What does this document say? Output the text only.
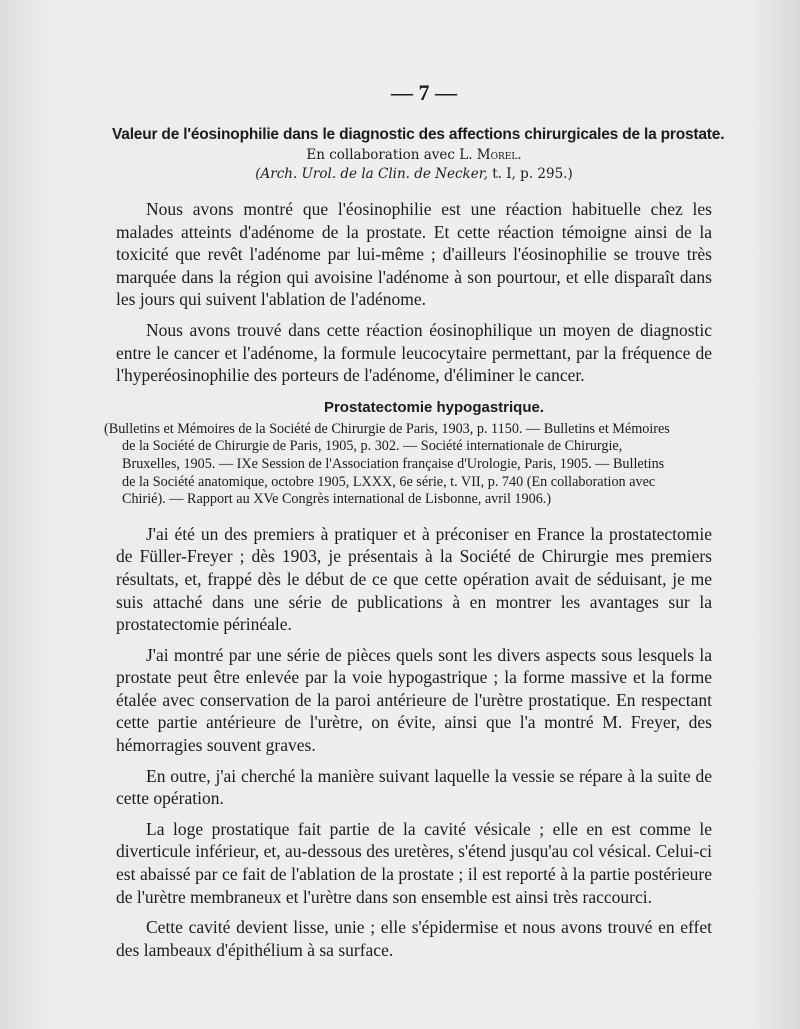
— 7 —
Valeur de l'éosinophilie dans le diagnostic des affections chirurgicales de la prostate.
En collaboration avec L. Morel.
(Arch. Urol. de la Clin. de Necker, t. I, p. 295.)

Nous avons montré que l'éosinophilie est une réaction habituelle chez les malades atteints d'adénome de la prostate. Et cette réaction témoigne ainsi de la toxicité que revêt l'adénome par lui-même ; d'ailleurs l'éosinophilie se trouve très marquée dans la région qui avoisine l'adénome à son pourtour, et elle disparaît dans les jours qui suivent l'ablation de l'adénome.

Nous avons trouvé dans cette réaction éosinophilique un moyen de diagnostic entre le cancer et l'adénome, la formule leucocytaire permettant, par la fréquence de l'hyperéosinophilie des porteurs de l'adénome, d'éliminer le cancer.

Prostatectomie hypogastrique.
(Bulletins et Mémoires de la Société de Chirurgie de Paris, 1903, p. 1150. — Bulletins et Mémoires
de la Société de Chirurgie de Paris, 1905, p. 302. — Société internationale de Chirurgie,
Bruxelles, 1905. — IXe Session de l'Association française d'Urologie, Paris, 1905. — Bulletins
de la Société anatomique, octobre 1905, LXXX, 6e série, t. VII, p. 740 (En collaboration avec
Chirié). — Rapport au XVe Congrès international de Lisbonne, avril 1906.)

J'ai été un des premiers à pratiquer et à préconiser en France la prostatectomie de Füller-Freyer ; dès 1903, je présentais à la Société de Chirurgie mes premiers résultats, et, frappé dès le début de ce que cette opération avait de séduisant, je me suis attaché dans une série de publications à en montrer les avantages sur la prostatectomie périnéale.

J'ai montré par une série de pièces quels sont les divers aspects sous lesquels la prostate peut être enlevée par la voie hypogastrique ; la forme massive et la forme étalée avec conservation de la paroi antérieure de l'urètre prostatique. En respectant cette partie antérieure de l'urètre, on évite, ainsi que l'a montré M. Freyer, des hémorragies souvent graves.

En outre, j'ai cherché la manière suivant laquelle la vessie se répare à la suite de cette opération.

La loge prostatique fait partie de la cavité vésicale ; elle en est comme le diverticule inférieur, et, au-dessous des uretères, s'étend jusqu'au col vésical. Celui-ci est abaissé par ce fait de l'ablation de la prostate ; il est reporté à la partie postérieure de l'urètre membraneux et l'urètre dans son ensemble est ainsi très raccourci.

Cette cavité devient lisse, unie ; elle s'épidermise et nous avons trouvé en effet des lambeaux d'épithélium à sa surface.
